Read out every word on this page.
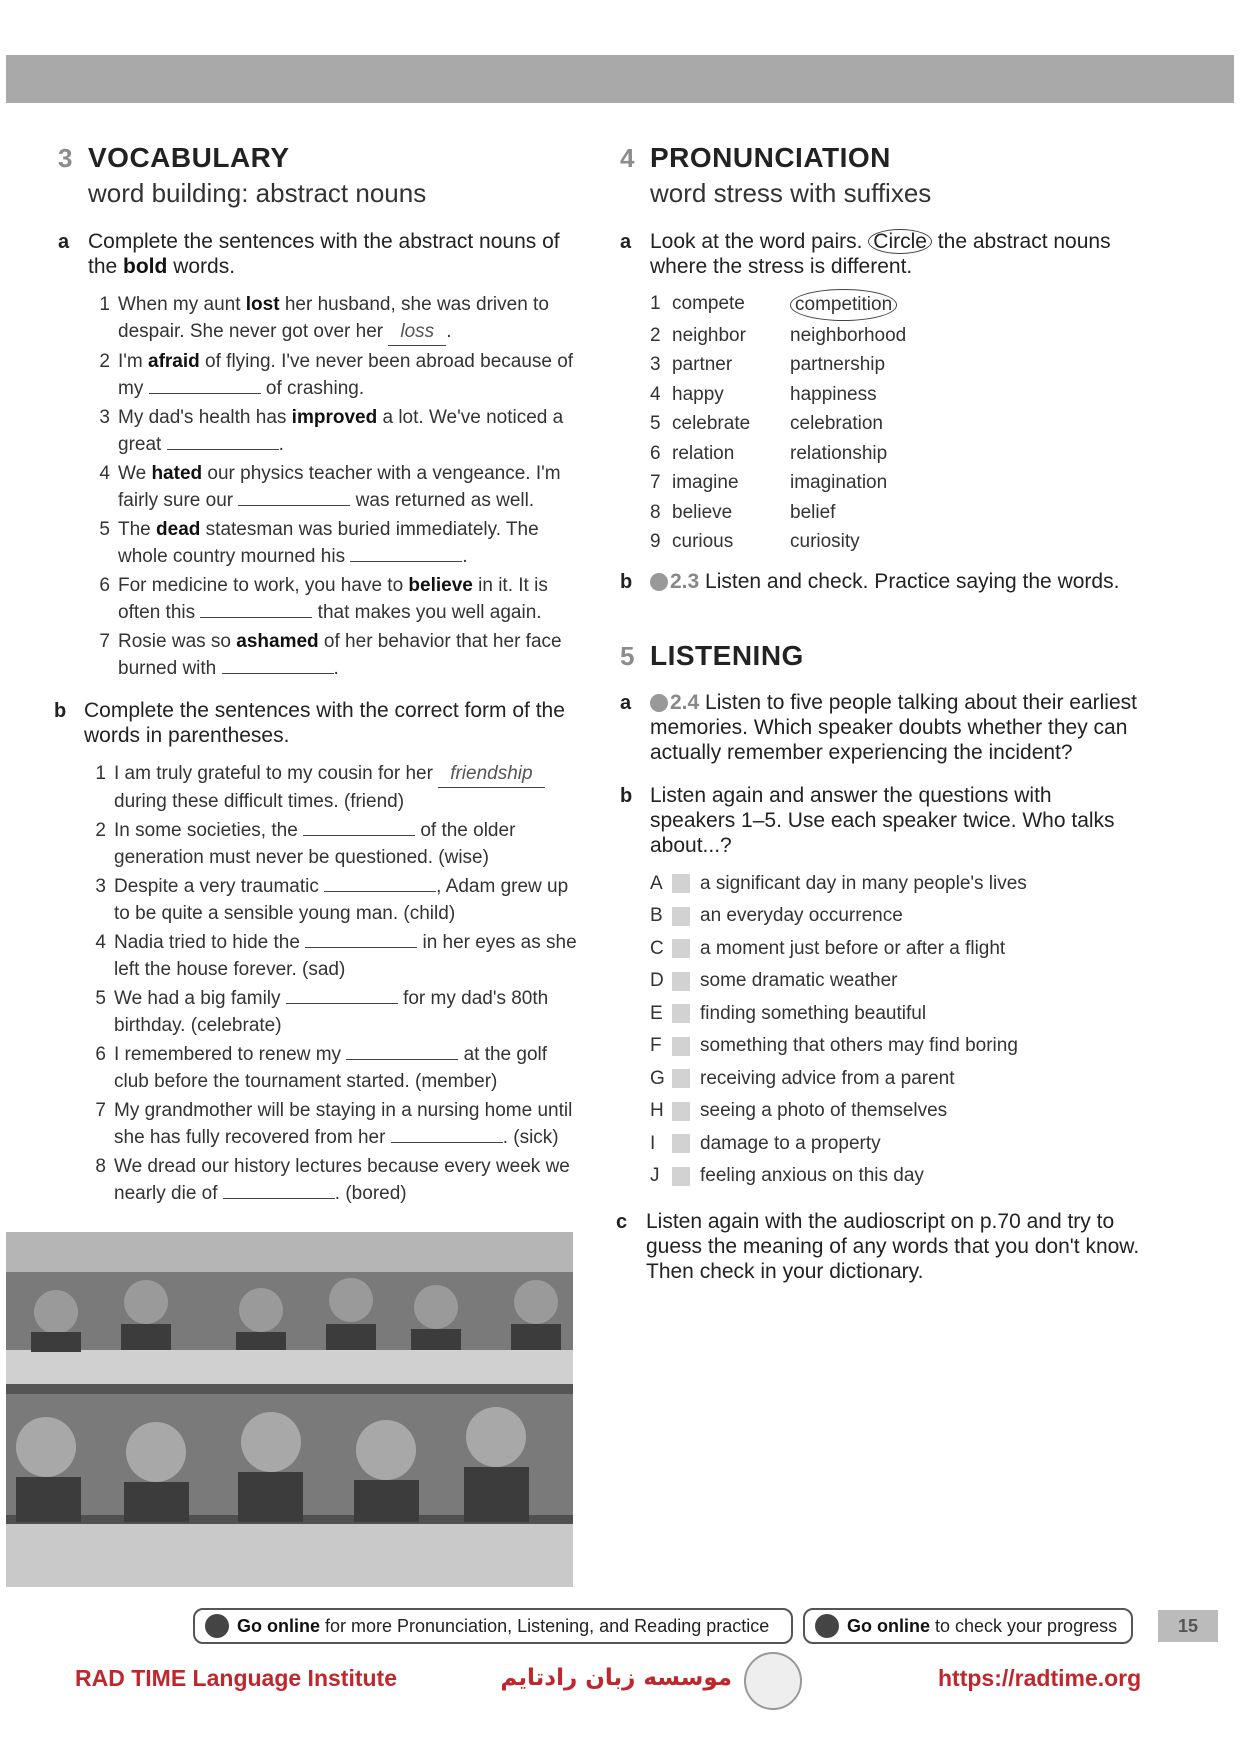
3 VOCABULARY
word building: abstract nouns
a Complete the sentences with the abstract nouns of the bold words.
1 When my aunt lost her husband, she was driven to despair. She never got over her loss .
2 I'm afraid of flying. I've never been abroad because of my	of crashing.
3 My dad's health has improved a lot. We've noticed a great	.
4 We hated our physics teacher with a vengeance. I'm fairly sure our	was returned as well.
5 The dead statesman was buried immediately. The whole country mourned his	.
6 For medicine to work, you have to believe in it. It is often this	that makes you well again.
7 Rosie was so ashamed of her behavior that her face burned with	.
b Complete the sentences with the correct form of the words in parentheses.
1 I am truly grateful to my cousin for her friendship during these difficult times. (friend)
2 In some societies, the	of the older generation must never be questioned. (wise)
3 Despite a very traumatic	, Adam grew up to be quite a sensible young man. (child)
4 Nadia tried to hide the	in her eyes as she left the house forever. (sad)
5 We had a big family	for my dad's 80th birthday. (celebrate)
6 I remembered to renew my	at the golf club before the tournament started. (member)
7 My grandmother will be staying in a nursing home until she has fully recovered from her	. (sick)
8 We dread our history lectures because every week we nearly die of	. (bored)
4 PRONUNCIATION
word stress with suffixes
a Look at the word pairs. Circle the abstract nouns where the stress is different.
1 compete	competition
2 neighbor	neighborhood
3 partner	partnership
4 happy	happiness
5 celebrate	celebration
6 relation	relationship
7 imagine	imagination
8 believe	belief
9 curious	curiosity
b	2.3 Listen and check. Practice saying the words.
5 LISTENING
a	2.4 Listen to five people talking about their earliest memories. Which speaker doubts whether they can actually remember experiencing the incident?
b Listen again and answer the questions with speakers 1–5. Use each speaker twice. Who talks about...?
A	a significant day in many people's lives
B	an everyday occurrence
C	a moment just before or after a flight
D	some dramatic weather
E	finding something beautiful
F	something that others may find boring
G	receiving advice from a parent
H	seeing a photo of themselves
I	damage to a property
J	feeling anxious on this day
c Listen again with the audioscript on p.70 and try to guess the meaning of any words that you don't know. Then check in your dictionary.
Go online for more Pronunciation, Listening, and Reading practice	Go online to check your progress	15
RAD TIME Language Institute	موسسه زبان رادتایم	https://radtime.org
